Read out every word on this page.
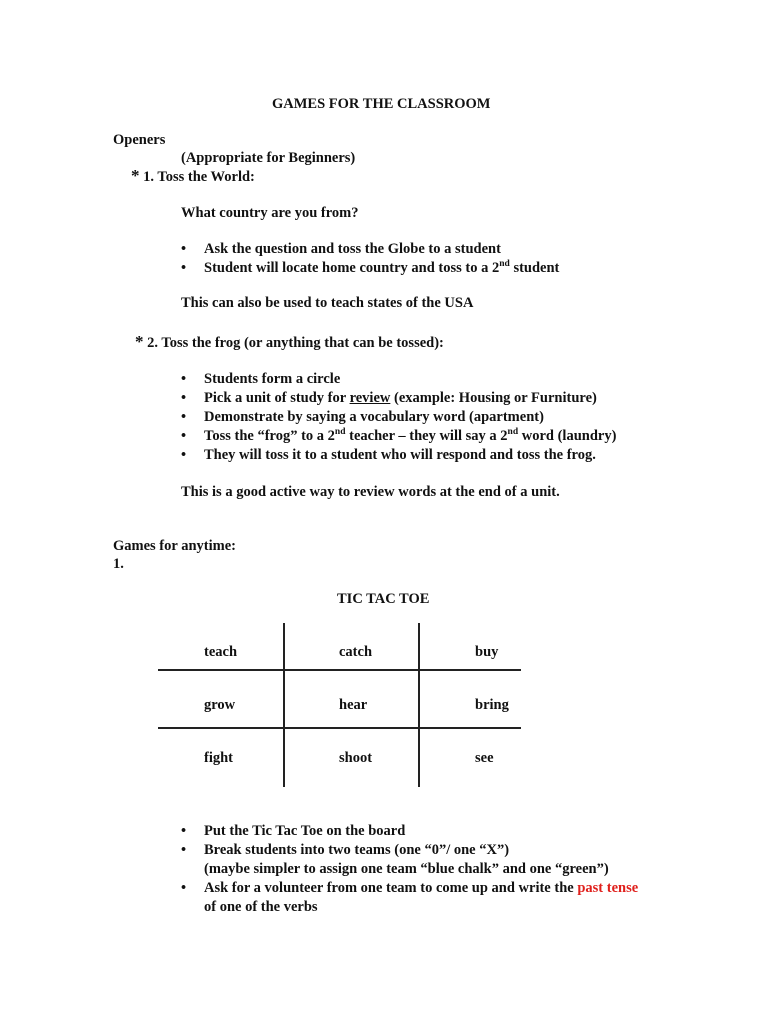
GAMES FOR THE CLASSROOM
Openers
(Appropriate for Beginners)
* 1. Toss the World:
What country are you from?
• Ask the question and toss the Globe to a student
• Student will locate home country and toss to a 2nd student
This can also be used to teach states of the USA
* 2. Toss the frog (or anything that can be tossed):
• Students form a circle
• Pick a unit of study for review (example: Housing or Furniture)
• Demonstrate by saying a vocabulary word (apartment)
• Toss the “frog” to a 2nd teacher – they will say a 2nd word (laundry)
• They will toss it to a student who will respond and toss the frog.
This is a good active way to review words at the end of a unit.
Games for anytime:
1.
TIC TAC TOE
teach	catch	buy
grow	hear	bring
fight	shoot	see
• Put the Tic Tac Toe on the board
• Break students into two teams (one “0”/ one “X”)
(maybe simpler to assign one team “blue chalk” and one “green”)
• Ask for a volunteer from one team to come up and write the past tense
of one of the verbs
